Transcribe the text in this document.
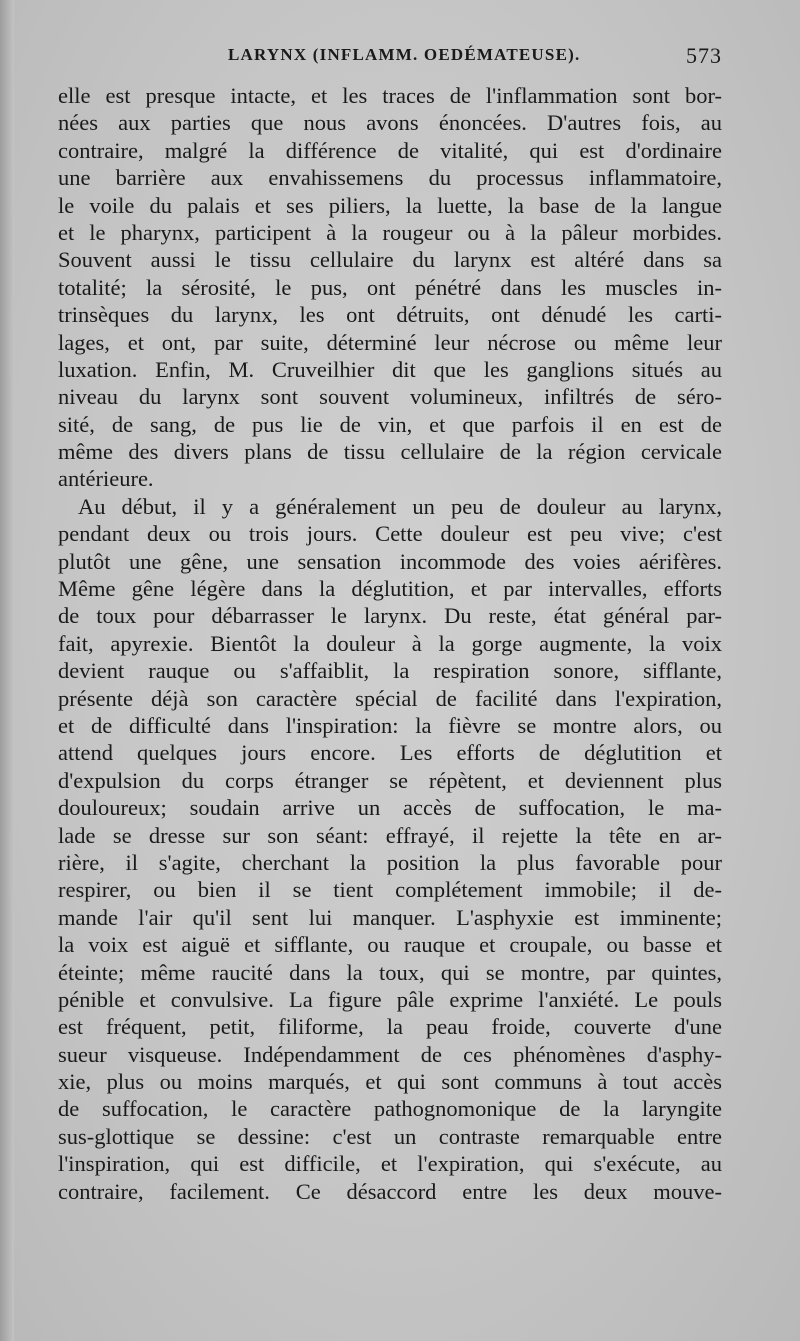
LARYNX (INFLAMM. OEDÉMATEUSE).	573
elle est presque intacte, et les traces de l'inflammation sont bor-
nées aux parties que nous avons énoncées. D'autres fois, au
contraire, malgré la différence de vitalité, qui est d'ordinaire
une barrière aux envahissemens du processus inflammatoire,
le voile du palais et ses piliers, la luette, la base de la langue
et le pharynx, participent à la rougeur ou à la pâleur morbides.
Souvent aussi le tissu cellulaire du larynx est altéré dans sa
totalité; la sérosité, le pus, ont pénétré dans les muscles in-
trinsèques du larynx, les ont détruits, ont dénudé les carti-
lages, et ont, par suite, déterminé leur nécrose ou même leur
luxation. Enfin, M. Cruveilhier dit que les ganglions situés au
niveau du larynx sont souvent volumineux, infiltrés de séro-
sité, de sang, de pus lie de vin, et que parfois il en est de
même des divers plans de tissu cellulaire de la région cervicale
antérieure.
Au début, il y a généralement un peu de douleur au larynx,
pendant deux ou trois jours. Cette douleur est peu vive; c'est
plutôt une gêne, une sensation incommode des voies aérifères.
Même gêne légère dans la déglutition, et par intervalles, efforts
de toux pour débarrasser le larynx. Du reste, état général par-
fait, apyrexie. Bientôt la douleur à la gorge augmente, la voix
devient rauque ou s'affaiblit, la respiration sonore, sifflante,
présente déjà son caractère spécial de facilité dans l'expiration,
et de difficulté dans l'inspiration: la fièvre se montre alors, ou
attend quelques jours encore. Les efforts de déglutition et
d'expulsion du corps étranger se répètent, et deviennent plus
douloureux; soudain arrive un accès de suffocation, le ma-
lade se dresse sur son séant: effrayé, il rejette la tête en ar-
rière, il s'agite, cherchant la position la plus favorable pour
respirer, ou bien il se tient complétement immobile; il de-
mande l'air qu'il sent lui manquer. L'asphyxie est imminente;
la voix est aiguë et sifflante, ou rauque et croupale, ou basse et
éteinte; même raucité dans la toux, qui se montre, par quintes,
pénible et convulsive. La figure pâle exprime l'anxiété. Le pouls
est fréquent, petit, filiforme, la peau froide, couverte d'une
sueur visqueuse. Indépendamment de ces phénomènes d'asphy-
xie, plus ou moins marqués, et qui sont communs à tout accès
de suffocation, le caractère pathognomonique de la laryngite
sus-glottique se dessine: c'est un contraste remarquable entre
l'inspiration, qui est difficile, et l'expiration, qui s'exécute, au
contraire, facilement. Ce désaccord entre les deux mouve-
